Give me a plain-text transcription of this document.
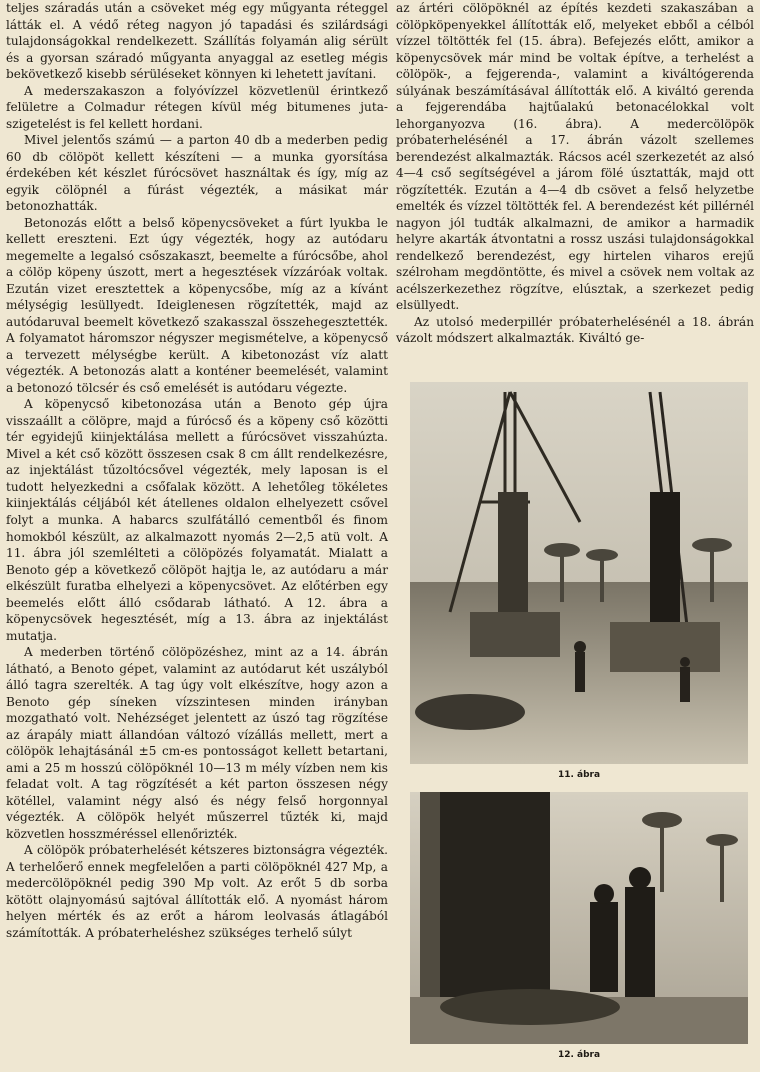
teljes száradás után a csöveket még egy műgyanta réteggel látták el. A védő réteg nagyon jó tapadási és szilárdsági tulajdonságokkal rendelkezett. Szállítás folyamán alig sérült és a gyorsan száradó műgyanta anyaggal az esetleg mégis bekövetkező kisebb sérüléseket könnyen ki lehetett javítani.

A mederszakaszon a folyóvízzel közvetlenül érintkező felületre a Colmadur rétegen kívül még bitumenes juta-szigetelést is fel kellett hordani.

Mivel jelentős számú — a parton 40 db a mederben pedig 60 db cölöpöt kellett készíteni — a munka gyorsítása érdekében két készlet fúrócsövet használtak és így, míg az egyik cölöpnél a fúrást végezték, a másikat már betonozhatták.

Betonozás előtt a belső köpenycsöveket a fúrt lyukba le kellett ereszteni. Ezt úgy végezték, hogy az autódaru megemelte a legalsó csőszakaszt, beemelte a fúrócsőbe, ahol a cölöp köpeny úszott, mert a hegesztések vízzáróak voltak. Ezután vizet eresztettek a köpenycsőbe, míg az a kívánt mélységig lesüllyedt. Ideiglenesen rögzítették, majd az autódaruval beemelt következő szakasszal összehegesztették. A folyamatot háromszor négyszer megismételve, a köpenycső a tervezett mélységbe került. A kibetonozást víz alatt végezték. A betonozás alatt a konténer beemelését, valamint a betonozó tölcsér és cső emelését is autódaru végezte.

A köpenycső kibetonozása után a Benoto gép újra visszaállt a cölöpre, majd a fúrócső és a köpeny cső közötti tér egyidejű kiinjektálása mellett a fúrócsövet visszahúzta. Mivel a két cső között összesen csak 8 cm állt rendelkezésre, az injektálást tűzoltócsővel végezték, mely laposan is el tudott helyezkedni a csőfalak között. A lehetőleg tökéletes kiinjektálás céljából két átellenes oldalon elhelyezett csővel folyt a munka. A habarcs szulfátálló cementből és finom homokból készült, az alkalmazott nyomás 2—2,5 atü volt. A 11. ábra jól szemlélteti a cölöpözés folyamatát. Mialatt a Benoto gép a következő cölöpöt hajtja le, az autódaru a már elkészült furatba elhelyezi a köpenycsövet. Az előtérben egy beemelés előtt álló csődarab látható. A 12. ábra a köpenycsövek hegesztését, míg a 13. ábra az injektálást mutatja.

A mederben történő cölöpözéshez, mint az a 14. ábrán látható, a Benoto gépet, valamint az autódarut két uszályból álló tagra szerelték. A tag úgy volt elkészítve, hogy azon a Benoto gép síneken vízszintesen minden irányban mozgatható volt. Nehézséget jelentett az úszó tag rögzítése az árapály miatt állandóan változó vízállás mellett, mert a cölöpök lehajtásánál ±5 cm-es pontosságot kellett betartani, ami a 25 m hosszú cölöpöknél 10—13 m mély vízben nem kis feladat volt. A tag rögzítését a két parton összesen négy kötéllel, valamint négy alsó és négy felső horgonnyal végezték. A cölöpök helyét műszerrel tűzték ki, majd közvetlen hosszméréssel ellenőrizték.

A cölöpök próbaterhelését kétszeres biztonságra végezték. A terhelőerő ennek megfelelően a parti cölöpöknél 427 Mp, a medercölöpöknél pedig 390 Mp volt. Az erőt 5 db sorba kötött olajnyomású sajtóval állították elő. A nyomást három helyen mérték és az erőt a három leolvasás átlagából számították. A próbaterheléshez szükséges terhelő súlyt

az ártéri cölöpöknél az építés kezdeti szakaszában a cölöpköpenyekkel állították elő, melyeket ebből a célból vízzel töltötték fel (15. ábra). Befejezés előtt, amikor a köpenycsövek már mind be voltak építve, a terhelést a cölöpök-, a fejgerenda-, valamint a kiváltógerenda súlyának beszámításával állították elő. A kiváltó gerenda a fejgerendába hajtűalakú betonacélokkal volt lehorganyozva (16. ábra). A medercölöpök próbaterhelésénél a 17. ábrán vázolt szellemes berendezést alkalmazták. Rácsos acél szerkezetét az alsó 4—4 cső segítségével a járom fölé úsztatták, majd ott rögzítették. Ezután a 4—4 db csövet a felső helyzetbe emelték és vízzel töltötték fel. A berendezést két pillérnél nagyon jól tudták alkalmazni, de amikor a harmadik helyre akarták átvontatni a rossz uszási tulajdonságokkal rendelkező berendezést, egy hirtelen viharos erejű szélroham megdöntötte, és mivel a csövek nem voltak az acélszerkezethez rögzítve, elúsztak, a szerkezet pedig elsüllyedt.

Az utolsó mederpillér próbaterhelésénél a 18. ábrán vázolt módszert alkalmazták. Kiváltó ge-

11. ábra
12. ábra
